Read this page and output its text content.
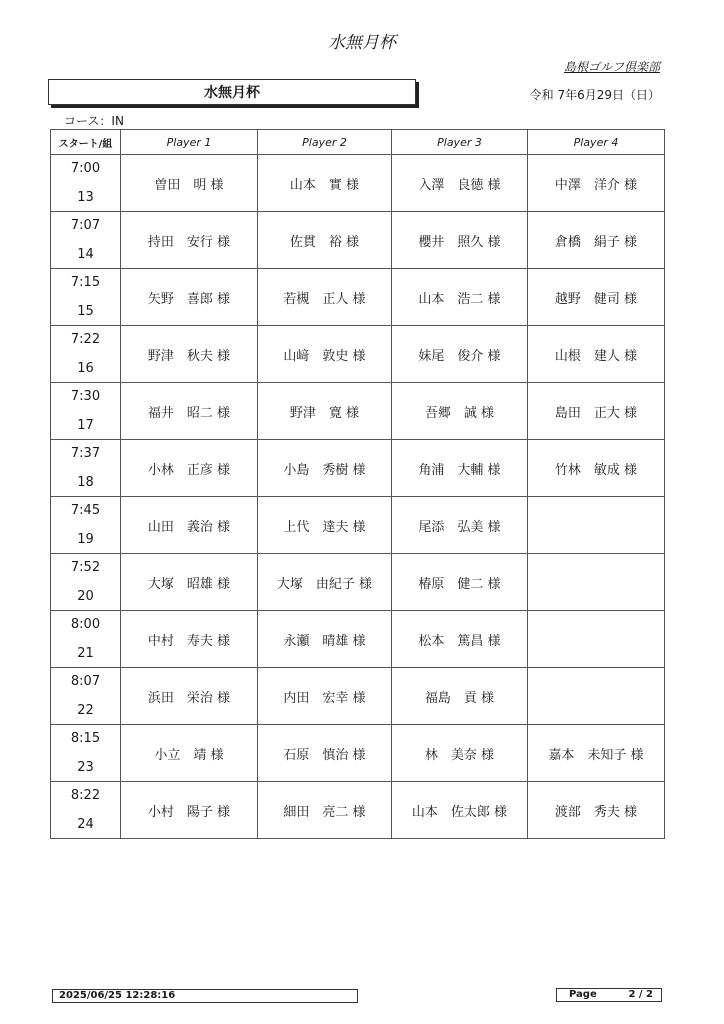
水無月杯
島根ゴルフ倶楽部
水無月杯	令和 7年6月29日（日）
コース：IN
スタート/組	Player 1	Player 2	Player 3	Player 4

7:00
13	曽田　明 様	山本　實 様	入澤　良徳 様	中澤　洋介 様

7:07
14	持田　安行 様	佐貫　裕 様	櫻井　照久 様	倉橋　絹子 様

7:15
15	矢野　喜郎 様	若槻　正人 様	山本　浩二 様	越野　健司 様

7:22
16	野津　秋夫 様	山﨑　敦史 様	妹尾　俊介 様	山根　建人 様

7:30
17	福井　昭二 様	野津　寛 様	吾郷　誠 様	島田　正大 様

7:37
18	小林　正彦 様	小島　秀樹 様	角浦　大輔 様	竹林　敏成 様

7:45
19	山田　義治 様	上代　達夫 様	尾添　弘美 様	

7:52
20	大塚　昭雄 様	大塚　由紀子 様	椿原　健二 様	

8:00
21	中村　寿夫 様	永瀬　晴雄 様	松本　篤昌 様	

8:07
22	浜田　栄治 様	内田　宏幸 様	福島　貢 様	

8:15
23	小立　靖 様	石原　慎治 様	林　美奈 様	嘉本　未知子 様

8:22
24	小村　陽子 様	細田　亮二 様	山本　佐太郎 様	渡部　秀夫 様
2025/06/25 12:28:16	Page	2 / 2
